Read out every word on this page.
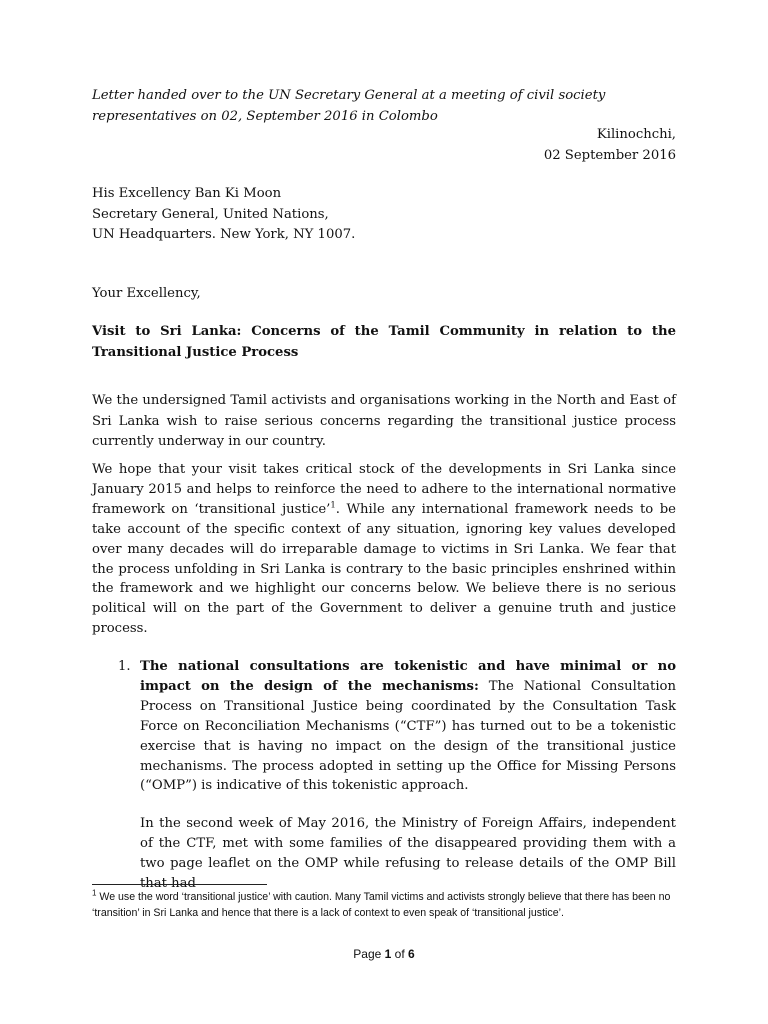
Letter handed over to the UN Secretary General at a meeting of civil society
representatives on 02, September 2016 in Colombo
Kilinochchi,
02 September 2016
His Excellency Ban Ki Moon
Secretary General, United Nations,
UN Headquarters. New York, NY 1007.
Your Excellency,
Visit to Sri Lanka: Concerns of the Tamil Community in relation to the Transitional Justice Process
We the undersigned Tamil activists and organisations working in the North and East of Sri Lanka wish to raise serious concerns regarding the transitional justice process currently underway in our country.
We hope that your visit takes critical stock of the developments in Sri Lanka since January 2015 and helps to reinforce the need to adhere to the international normative framework on ‘transitional justice’$^1$. While any international framework needs to be take account of the specific context of any situation, ignoring key values developed over many decades will do irreparable damage to victims in Sri Lanka. We fear that the process unfolding in Sri Lanka is contrary to the basic principles enshrined within the framework and we highlight our concerns below. We believe there is no serious political will on the part of the Government to deliver a genuine truth and justice process.
1. The national consultations are tokenistic and have minimal or no impact on the design of the mechanisms: The National Consultation Process on Transitional Justice being coordinated by the Consultation Task Force on Reconciliation Mechanisms (“CTF”) has turned out to be a tokenistic exercise that is having no impact on the design of the transitional justice mechanisms. The process adopted in setting up the Office for Missing Persons (“OMP”) is indicative of this tokenistic approach.
In the second week of May 2016, the Ministry of Foreign Affairs, independent of the CTF, met with some families of the disappeared providing them with a two page leaflet on the OMP while refusing to release details of the OMP Bill that had
$^1$ We use the word ‘transitional justice’ with caution. Many Tamil victims and activists strongly believe that there has been no ‘transition’ in Sri Lanka and hence that there is a lack of context to even speak of ‘transitional justice’.
Page 1 of 6
